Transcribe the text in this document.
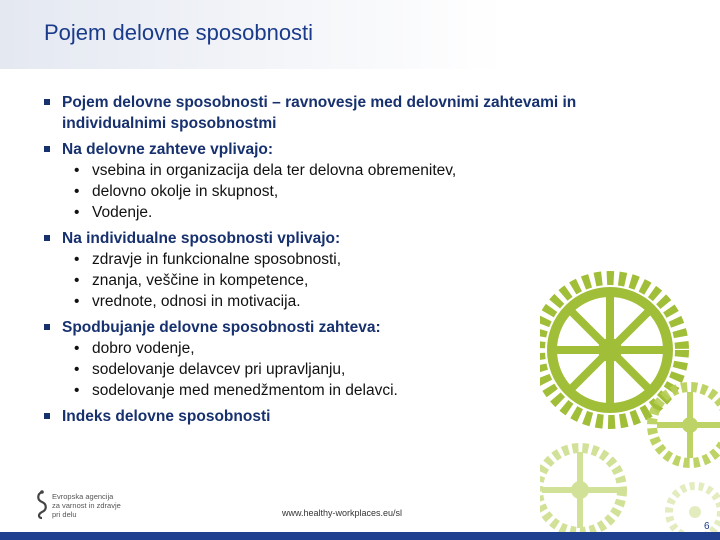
Pojem delovne sposobnosti
Pojem delovne sposobnosti – ravnovesje med delovnimi zahtevami in individualnimi sposobnostmi
Na delovne zahteve vplivajo:
• vsebina in organizacija dela ter delovna obremenitev,
• delovno okolje in skupnost,
• Vodenje.
Na individualne sposobnosti vplivajo:
• zdravje in funkcionalne sposobnosti,
• znanja, veščine in kompetence,
• vrednote, odnosi in motivacija.
Spodbujanje delovne sposobnosti zahteva:
• dobro vodenje,
• sodelovanje delavcev pri upravljanju,
• sodelovanje med menedžmentom in delavci.
Indeks delovne sposobnosti
Evropska agencija
za varnost in zdravje
pri delu	www.healthy-workplaces.eu/sl
6
